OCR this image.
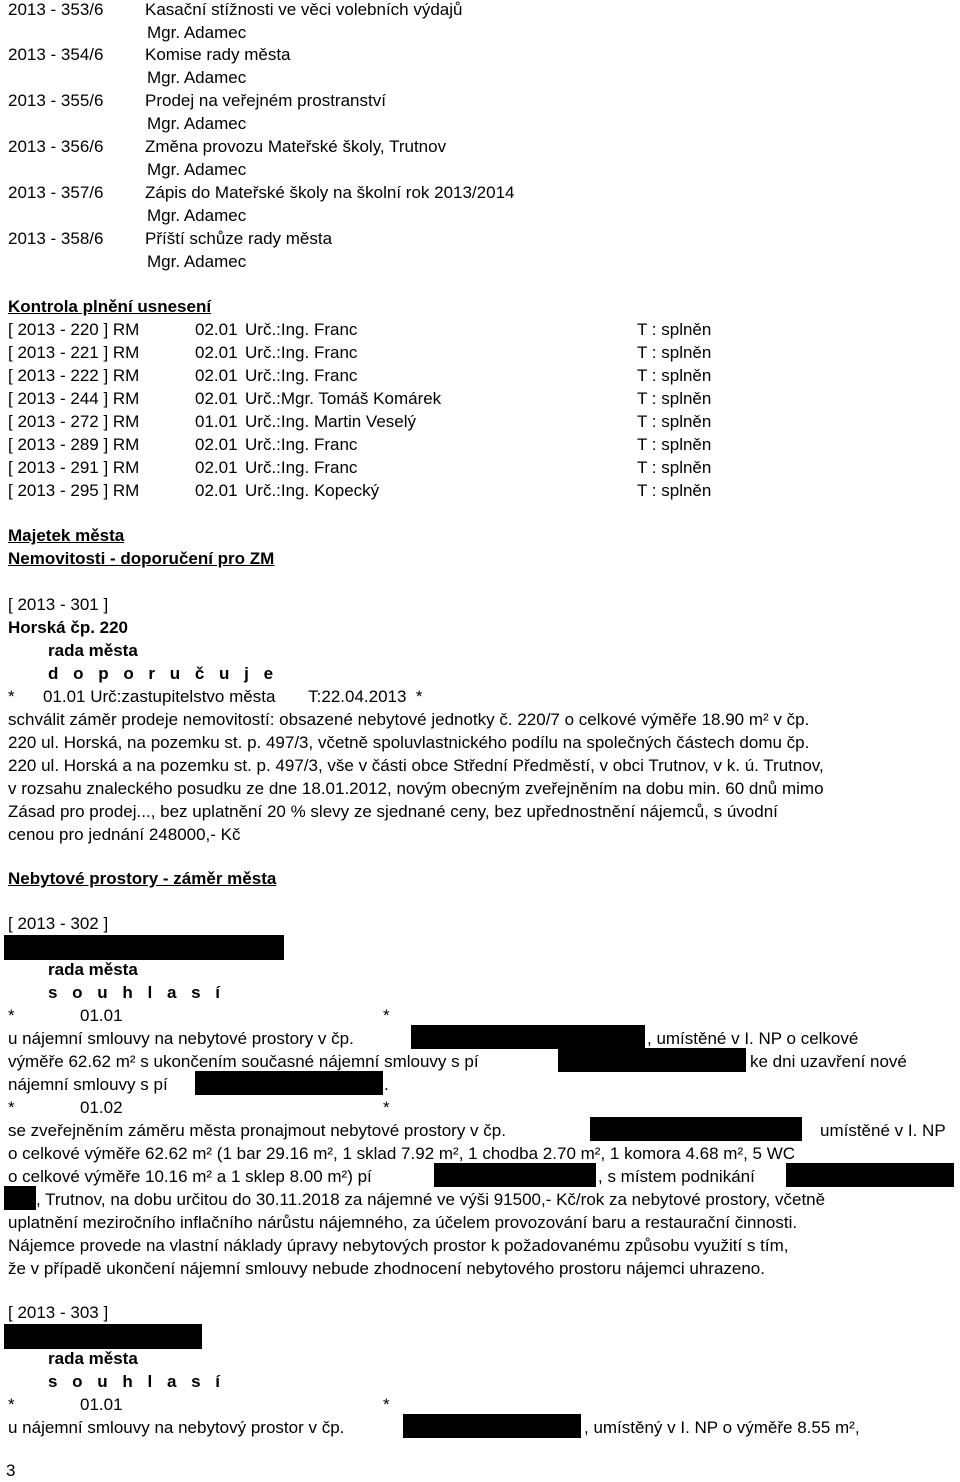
2013 - 353/6 Kasační stížnosti ve věci volebních výdajů
Mgr. Adamec
2013 - 354/6 Komise rady města
Mgr. Adamec
2013 - 355/6 Prodej na veřejném prostranství
Mgr. Adamec
2013 - 356/6 Změna provozu Mateřské školy, Trutnov
Mgr. Adamec
2013 - 357/6 Zápis do Mateřské školy na školní rok 2013/2014
Mgr. Adamec
2013 - 358/6 Příští schůze rady města
Mgr. Adamec
Kontrola plnění usnesení
[ 2013 - 220 ] RM	02.01 Urč.:Ing. Franc	T : splněn
[ 2013 - 221 ] RM	02.01 Urč.:Ing. Franc	T : splněn
[ 2013 - 222 ] RM	02.01 Urč.:Ing. Franc	T : splněn
[ 2013 - 244 ] RM	02.01 Urč.:Mgr. Tomáš Komárek	T : splněn
[ 2013 - 272 ] RM	01.01 Urč.:Ing. Martin Veselý	T : splněn
[ 2013 - 289 ] RM	02.01 Urč.:Ing. Franc	T : splněn
[ 2013 - 291 ] RM	02.01 Urč.:Ing. Franc	T : splněn
[ 2013 - 295 ] RM	02.01 Urč.:Ing. Kopecký	T : splněn
Majetek města
Nemovitosti - doporučení pro ZM
[ 2013 - 301 ]
Horská čp. 220
rada města
d o p o r u č u j e
*      01.01 Urč:zastupitelstvo města       T:22.04.2013  *
schválit záměr prodeje nemovitostí: obsazené nebytové jednotky č. 220/7 o celkové výměře 18.90 m² v čp.
220 ul. Horská, na pozemku st. p. 497/3, včetně spoluvlastnického podílu na společných částech domu čp.
220 ul. Horská a na pozemku st. p. 497/3, vše v části obce Střední Předměstí, v obci Trutnov, v k. ú. Trutnov,
v rozsahu znaleckého posudku ze dne 18.01.2012, novým obecným zveřejněním na dobu min. 60 dnů mimo
Zásad pro prodej..., bez uplatnění 20 % slevy ze sjednané ceny, bez upřednostnění nájemců, s úvodní
cenou pro jednání 248000,- Kč
Nebytové prostory - záměr města
[ 2013 - 302 ]
rada města
s o u h l a s í
*	01.01	*
u nájemní smlouvy na nebytové prostory v čp.	, umístěné v I. NP o celkové
výměře 62.62 m² s ukončením současné nájemní smlouvy s pí	ke dni uzavření nové
nájemní smlouvy s pí	.
*	01.02	*
se zveřejněním záměru města pronajmout nebytové prostory v čp.	umístěné v I. NP
o celkové výměře 62.62 m² (1 bar 29.16 m², 1 sklad 7.92 m², 1 chodba 2.70 m², 1 komora 4.68 m², 5 WC
o celkové výměře 10.16 m² a 1 sklep 8.00 m²) pí	, s místem podnikání
, Trutnov, na dobu určitou do 30.11.2018 za nájemné ve výši 91500,- Kč/rok za nebytové prostory, včetně
uplatnění meziročního inflačního nárůstu nájemného, za účelem provozování baru a restaurační činnosti.
Nájemce provede na vlastní náklady úpravy nebytových prostor k požadovanému způsobu využití s tím,
že v případě ukončení nájemní smlouvy nebude zhodnocení nebytového prostoru nájemci uhrazeno.
[ 2013 - 303 ]
rada města
s o u h l a s í
*	01.01	*
u nájemní smlouvy na nebytový prostor v čp.	, umístěný v I. NP o výměře 8.55 m²,
3
